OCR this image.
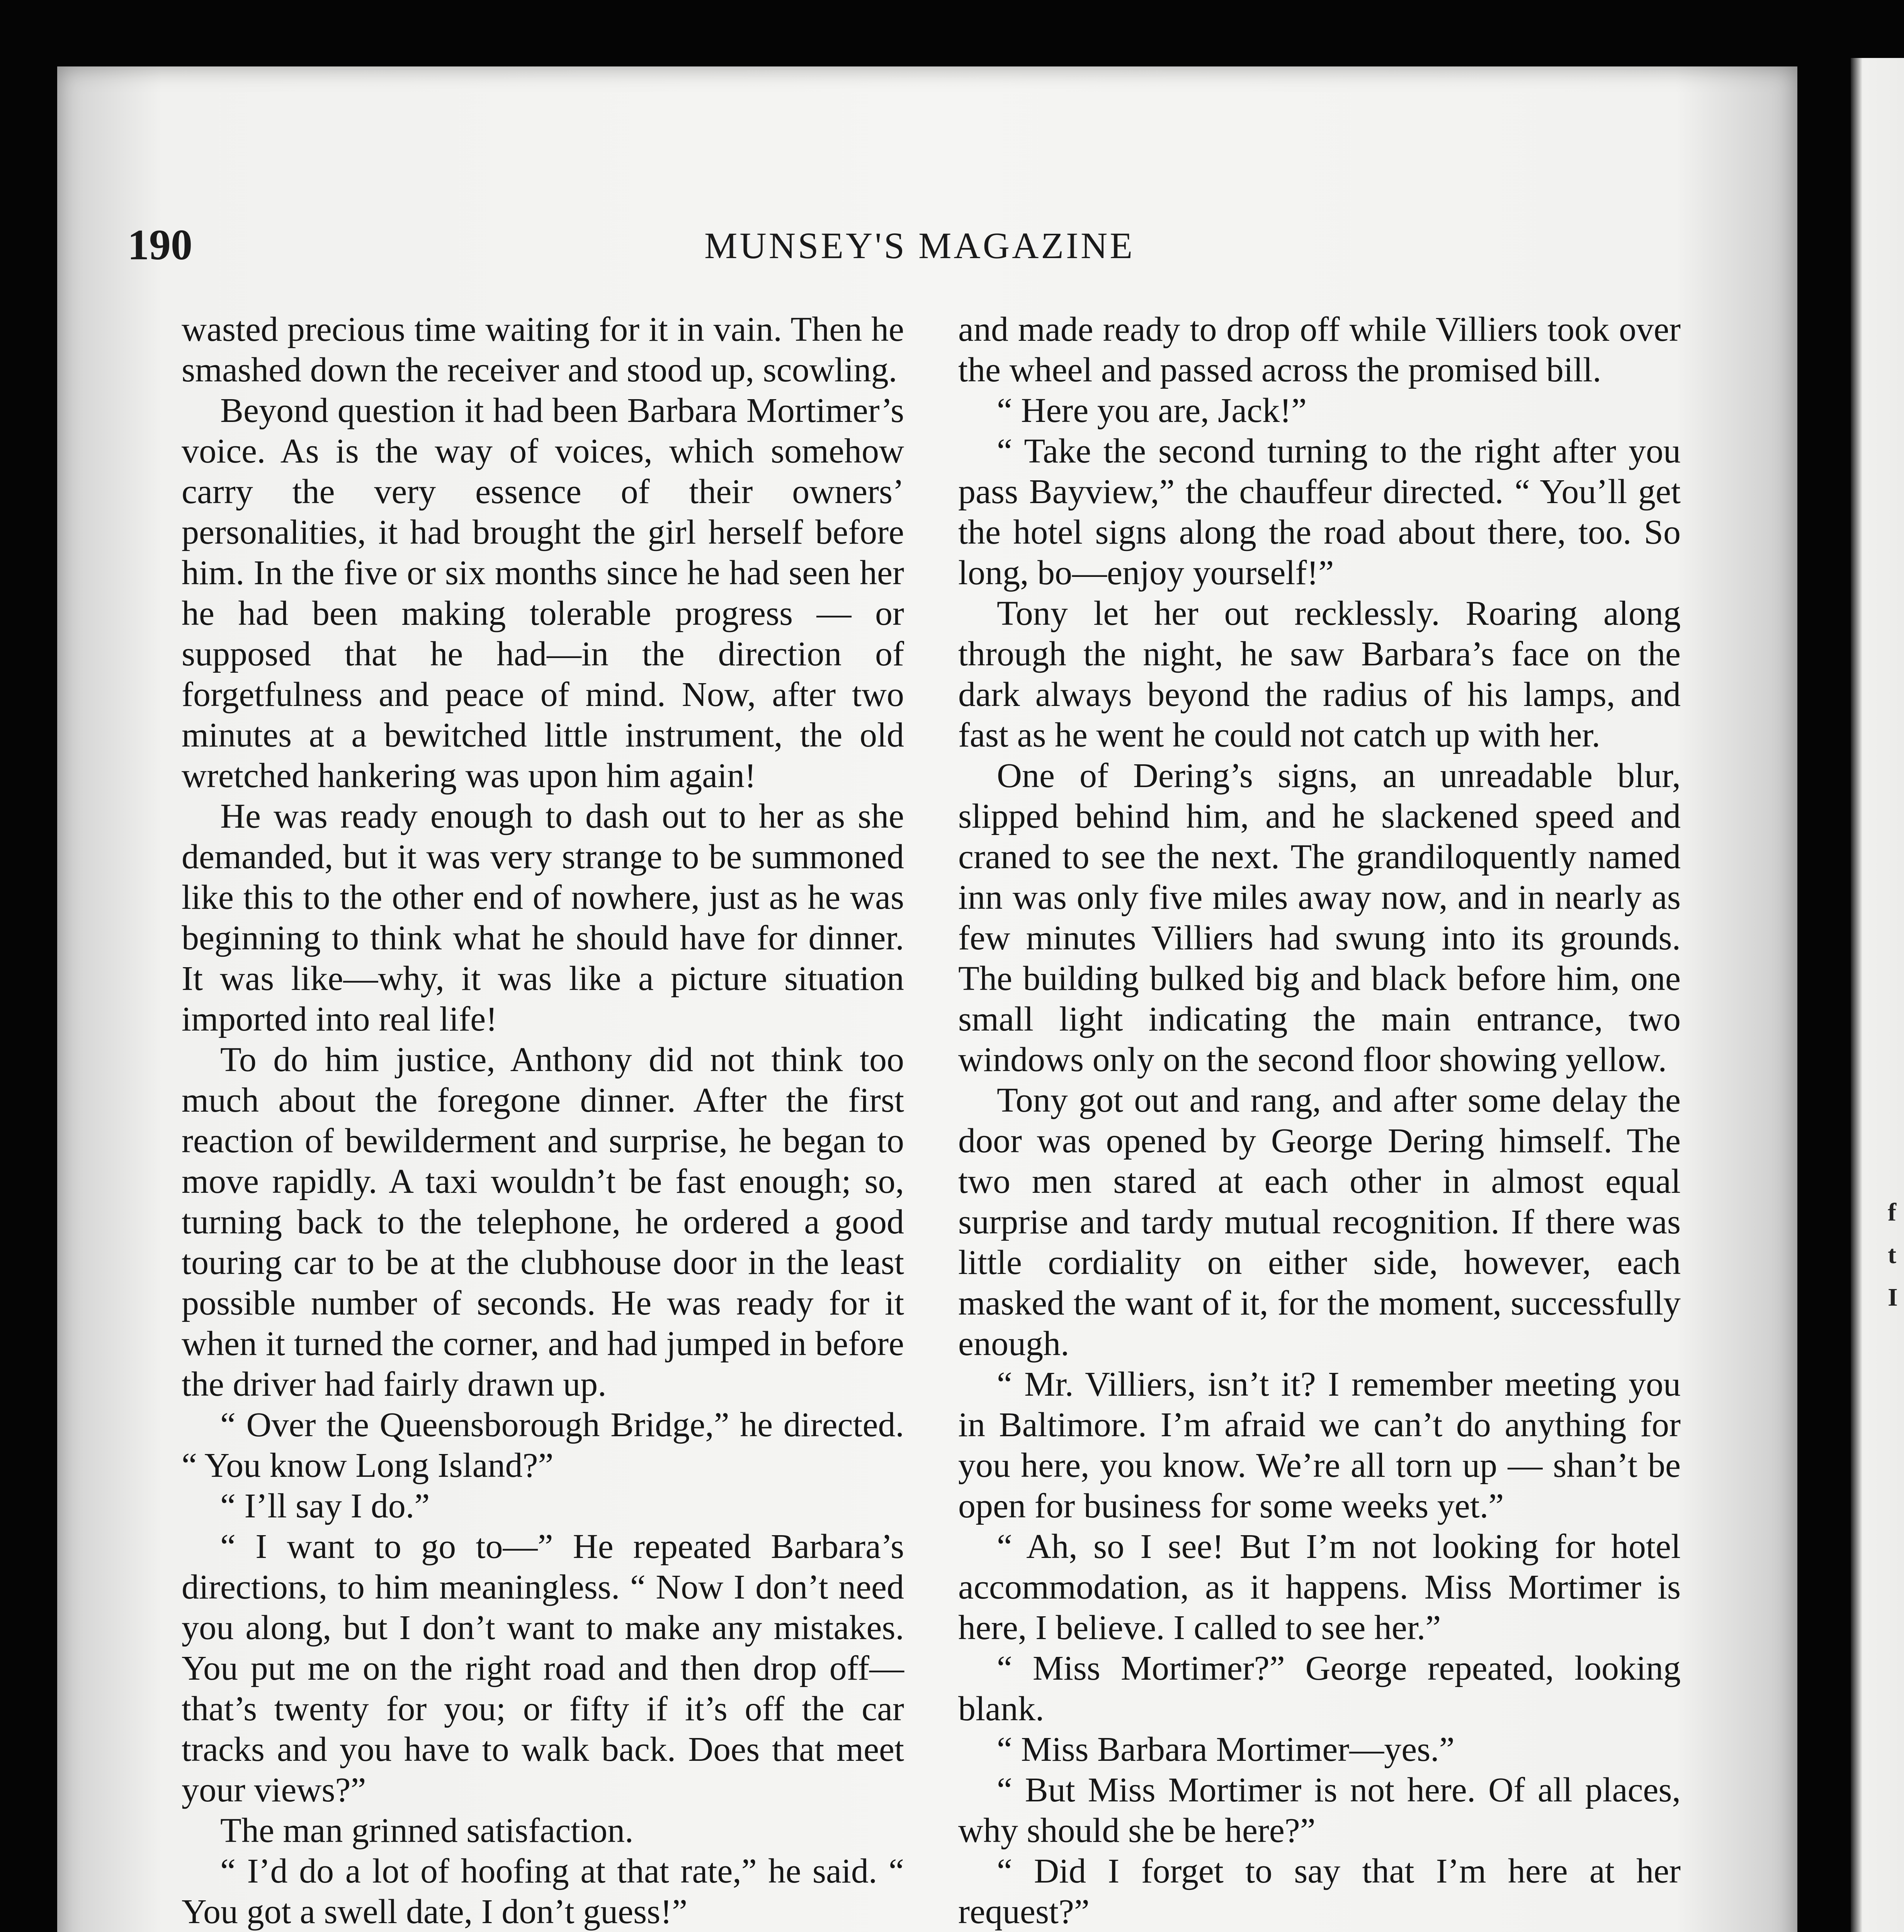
f
t
I
190	MUNSEY'S MAGAZINE

wasted precious time waiting for it in vain. Then he smashed down the receiver and stood up, scowling.

Beyond question it had been Barbara Mortimer’s voice. As is the way of voices, which somehow carry the very essence of their owners’ personalities, it had brought the girl herself before him. In the five or six months since he had seen her he had been making tolerable progress — or supposed that he had—in the direction of forgetfulness and peace of mind. Now, after two minutes at a bewitched little instrument, the old wretched hankering was upon him again!

He was ready enough to dash out to her as she demanded, but it was very strange to be summoned like this to the other end of nowhere, just as he was beginning to think what he should have for dinner. It was like—why, it was like a picture situation imported into real life!

To do him justice, Anthony did not think too much about the foregone dinner. After the first reaction of bewilderment and surprise, he began to move rapidly. A taxi wouldn’t be fast enough; so, turning back to the telephone, he ordered a good touring car to be at the clubhouse door in the least possible number of seconds. He was ready for it when it turned the corner, and had jumped in before the driver had fairly drawn up.

“ Over the Queensborough Bridge,” he directed. “ You know Long Island?”

“ I’ll say I do.”

“ I want to go to—” He repeated Barbara’s directions, to him meaningless. “ Now I don’t need you along, but I don’t want to make any mistakes. You put me on the right road and then drop off—that’s twenty for you; or fifty if it’s off the car tracks and you have to walk back. Does that meet your views?”

The man grinned satisfaction.

“ I’d do a lot of hoofing at that rate,” he said. “ You got a swell date, I don’t guess!”

and made ready to drop off while Villiers took over the wheel and passed across the promised bill.

“ Here you are, Jack!”

“ Take the second turning to the right after you pass Bayview,” the chauffeur directed. “ You’ll get the hotel signs along the road about there, too. So long, bo—enjoy yourself!”

Tony let her out recklessly. Roaring along through the night, he saw Barbara’s face on the dark always beyond the radius of his lamps, and fast as he went he could not catch up with her.

One of Dering’s signs, an unreadable blur, slipped behind him, and he slackened speed and craned to see the next. The grandiloquently named inn was only five miles away now, and in nearly as few minutes Villiers had swung into its grounds. The building bulked big and black before him, one small light indicating the main entrance, two windows only on the second floor showing yellow.

Tony got out and rang, and after some delay the door was opened by George Dering himself. The two men stared at each other in almost equal surprise and tardy mutual recognition. If there was little cordiality on either side, however, each masked the want of it, for the moment, successfully enough.

“ Mr. Villiers, isn’t it? I remember meeting you in Baltimore. I’m afraid we can’t do anything for you here, you know. We’re all torn up — shan’t be open for business for some weeks yet.”

“ Ah, so I see! But I’m not looking for hotel accommodation, as it happens. Miss Mortimer is here, I believe. I called to see her.”

“ Miss Mortimer?” George repeated, looking blank.

“ Miss Barbara Mortimer—yes.”

“ But Miss Mortimer is not here. Of all places, why should she be here?”

“ Did I forget to say that I’m here at her request?”
